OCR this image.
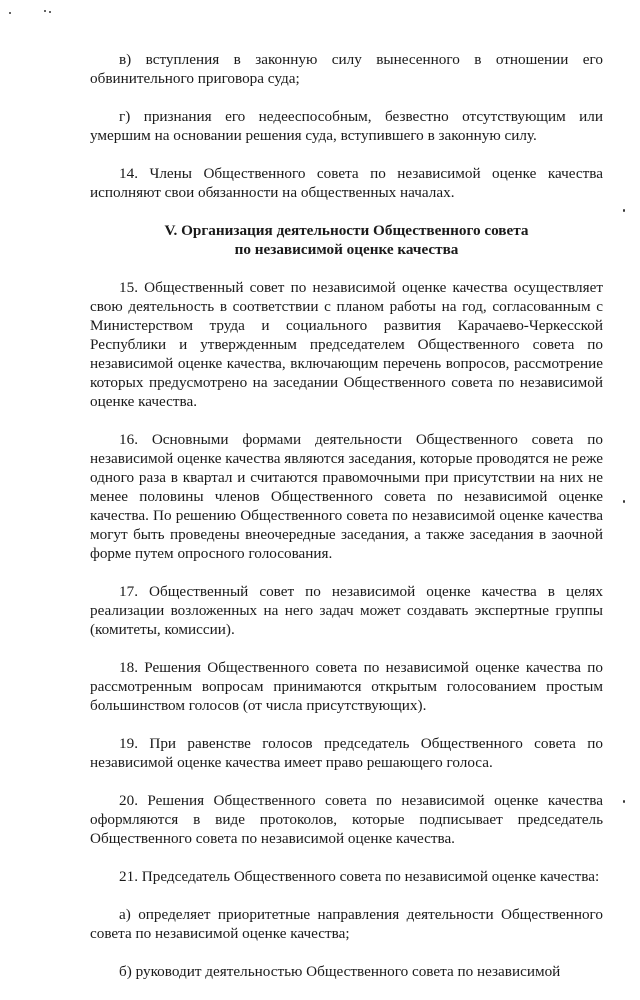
в) вступления в законную силу вынесенного в отношении его обвинительного приговора суда;

г) признания его недееспособным, безвестно отсутствующим или умершим на основании решения суда, вступившего в законную силу.

14. Члены Общественного совета по независимой оценке качества исполняют свои обязанности на общественных началах.

V. Организация деятельности Общественного совета
по независимой оценке качества

15. Общественный совет по независимой оценке качества осуществляет свою деятельность в соответствии с планом работы на год, согласованным с Министерством труда и социального развития Карачаево-Черкесской Республики и утвержденным председателем Общественного совета по независимой оценке качества, включающим перечень вопросов, рассмотрение которых предусмотрено на заседании Общественного совета по независимой оценке качества.

16. Основными формами деятельности Общественного совета по независимой оценке качества являются заседания, которые проводятся не реже одного раза в квартал и считаются правомочными при присутствии на них не менее половины членов Общественного совета по независимой оценке качества. По решению Общественного совета по независимой оценке качества могут быть проведены внеочередные заседания, а также заседания в заочной форме путем опросного голосования.

17. Общественный совет по независимой оценке качества в целях реализации возложенных на него задач может создавать экспертные группы (комитеты, комиссии).

18. Решения Общественного совета по независимой оценке качества по рассмотренным вопросам принимаются открытым голосованием простым большинством голосов (от числа присутствующих).

19. При равенстве голосов председатель Общественного совета по независимой оценке качества имеет право решающего голоса.

20. Решения Общественного совета по независимой оценке качества оформляются в виде протоколов, которые подписывает председатель Общественного совета по независимой оценке качества.

21. Председатель Общественного совета по независимой оценке качества:

а) определяет приоритетные направления деятельности Общественного совета по независимой оценке качества;

б) руководит деятельностью Общественного совета по независимой
